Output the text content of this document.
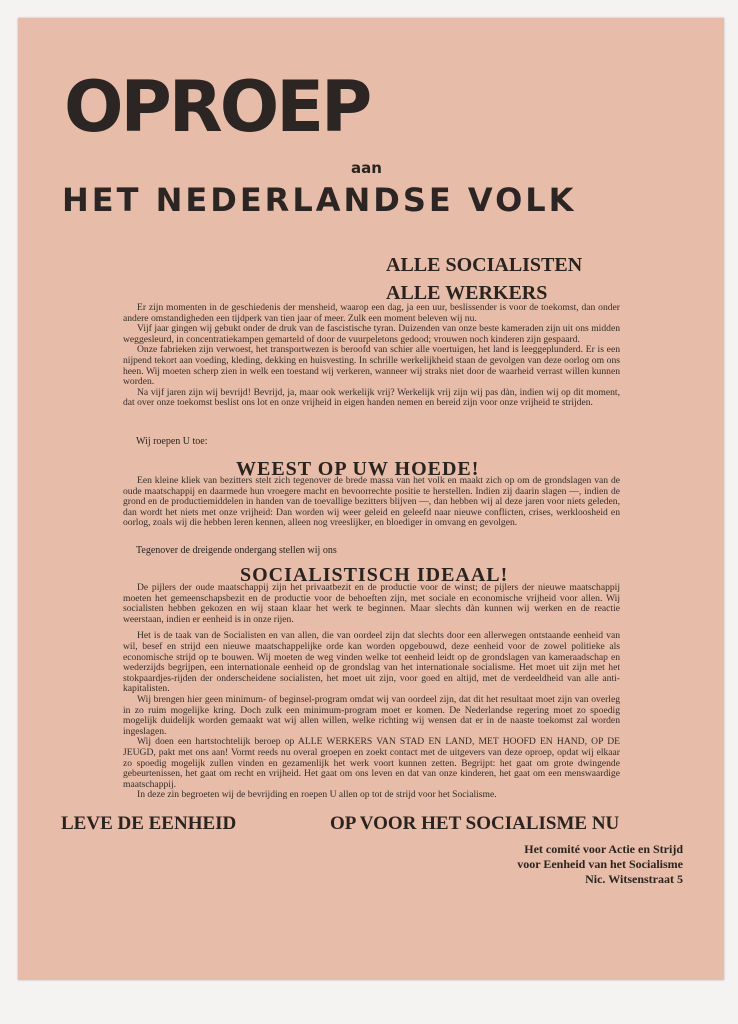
OPROEP
aan
HET NEDERLANDSE VOLK
ALLE SOCIALISTEN
ALLE WERKERS

Er zijn momenten in de geschiedenis der mensheid, waarop een dag, ja een uur, beslissender is voor de toekomst, dan onder andere omstandigheden een tijdperk van tien jaar of meer. Zulk een moment beleven wij nu.

Vijf jaar gingen wij gebukt onder de druk van de fascistische tyran. Duizenden van onze beste kameraden zijn uit ons midden weggesleurd, in concentratiekampen gemarteld of door de vuurpeletons gedood; vrouwen noch kinderen zijn gespaard.

Onze fabrieken zijn verwoest, het transportwezen is beroofd van schier alle voertuigen, het land is leeggeplunderd. Er is een nijpend tekort aan voeding, kleding, dekking en huisvesting. In schrille werkelijkheid staan de gevolgen van deze oorlog om ons heen. Wij moeten scherp zien in welk een toestand wij verkeren, wanneer wij straks niet door de waarheid verrast willen kunnen worden.

Na vijf jaren zijn wij bevrijd! Bevrijd, ja, maar ook werkelijk vrij? Werkelijk vrij zijn wij pas dàn, indien wij op dit moment, dat over onze toekomst beslist ons lot en onze vrijheid in eigen handen nemen en bereid zijn voor onze vrijheid te strijden.

Wij roepen U toe:
WEEST OP UW HOEDE!

Een kleine kliek van bezitters stelt zich tegenover de brede massa van het volk en maakt zich op om de grondslagen van de oude maatschappij en daarmede hun vroegere macht en bevoorrechte positie te herstellen. Indien zij daarin slagen —, indien de grond en de productiemiddelen in handen van de toevallige bezitters blijven —, dan hebben wij al deze jaren voor niets geleden, dan wordt het niets met onze vrijheid: Dan worden wij weer geleid en geleefd naar nieuwe conflicten, crises, werkloosheid en oorlog, zoals wij die hebben leren kennen, alleen nog vreeslijker, en bloediger in omvang en gevolgen.

Tegenover de dreigende ondergang stellen wij ons
SOCIALISTISCH IDEAAL!

De pijlers der oude maatschappij zijn het privaatbezit en de productie voor de winst; de pijlers der nieuwe maatschappij moeten het gemeenschapsbezit en de productie voor de behoeften zijn, met sociale en economische vrijheid voor allen. Wij socialisten hebben gekozen en wij staan klaar het werk te beginnen. Maar slechts dàn kunnen wij werken en de reactie weerstaan, indien er eenheid is in onze rijen.

Het is de taak van de Socialisten en van allen, die van oordeel zijn dat slechts door een allerwegen ontstaande eenheid van wil, besef en strijd een nieuwe maatschappelijke orde kan worden opgebouwd, deze eenheid voor de zowel politieke als economische strijd op te bouwen. Wij moeten de weg vinden welke tot eenheid leidt op de grondslagen van kameraadschap en wederzijds begrijpen, een internationale eenheid op de grondslag van het internationale socialisme. Het moet uit zijn met het stokpaardjes-rijden der onderscheidene socialisten, het moet uit zijn, voor goed en altijd, met de verdeeldheid van alle anti-kapitalisten.

Wij brengen hier geen minimum- of beginsel-program omdat wij van oordeel zijn, dat dit het resultaat moet zijn van overleg in zo ruim mogelijke kring. Doch zulk een minimum-program moet er komen. De Nederlandse regering moet zo spoedig mogelijk duidelijk worden gemaakt wat wij allen willen, welke richting wij wensen dat er in de naaste toekomst zal worden ingeslagen.

Wij doen een hartstochtelijk beroep op ALLE WERKERS VAN STAD EN LAND, MET HOOFD EN HAND, OP DE JEUGD, pakt met ons aan! Vormt reeds nu overal groepen en zoekt contact met de uitgevers van deze oproep, opdat wij elkaar zo spoedig mogelijk zullen vinden en gezamenlijk het werk voort kunnen zetten. Begrijpt: het gaat om grote dwingende gebeurtenissen, het gaat om recht en vrijheid. Het gaat om ons leven en dat van onze kinderen, het gaat om een menswaardige maatschappij.

In deze zin begroeten wij de bevrijding en roepen U allen op tot de strijd voor het Socialisme.

LEVE DE EENHEID	OP VOOR HET SOCIALISME NU
Het comité voor Actie en Strijd
voor Eenheid van het Socialisme
Nic. Witsenstraat 5
